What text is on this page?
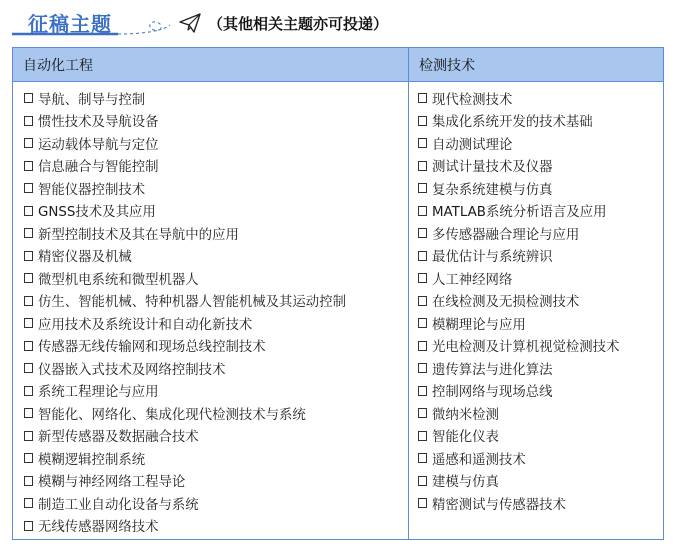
征稿主题	（其他相关主题亦可投递）
自动化工程	检测技术
导航、制导与控制
惯性技术及导航设备
运动载体导航与定位
信息融合与智能控制
智能仪器控制技术
GNSS技术及其应用
新型控制技术及其在导航中的应用
精密仪器及机械
微型机电系统和微型机器人
仿生、智能机械、特种机器人智能机械及其运动控制
应用技术及系统设计和自动化新技术
传感器无线传输网和现场总线控制技术
仪器嵌入式技术及网络控制技术
系统工程理论与应用
智能化、网络化、集成化现代检测技术与系统
新型传感器及数据融合技术
模糊逻辑控制系统
模糊与神经网络工程导论
制造工业自动化设备与系统
无线传感器网络技术
现代检测技术
集成化系统开发的技术基础
自动测试理论
测试计量技术及仪器
复杂系统建模与仿真
MATLAB系统分析语言及应用
多传感器融合理论与应用
最优估计与系统辨识
人工神经网络
在线检测及无损检测技术
模糊理论与应用
光电检测及计算机视觉检测技术
遗传算法与进化算法
控制网络与现场总线
微纳米检测
智能化仪表
遥感和遥测技术
建模与仿真
精密测试与传感器技术
